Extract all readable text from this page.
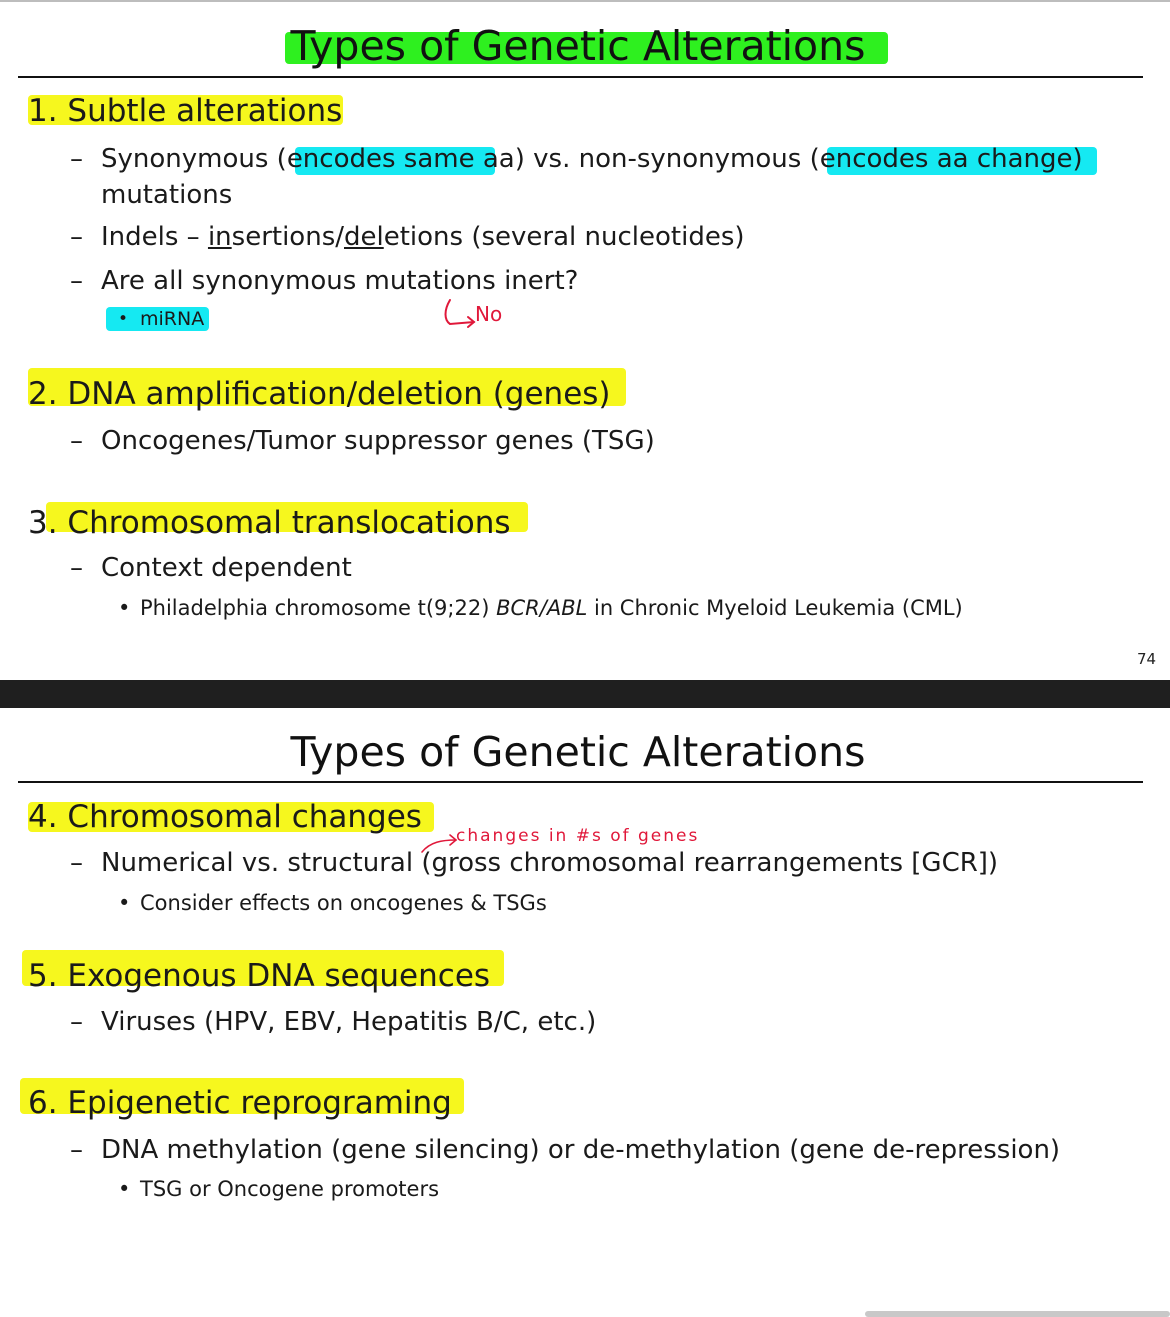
Types of Genetic Alterations
1. Subtle alterations
– Synonymous (encodes same aa) vs. non-synonymous (encodes aa change)
mutations
– Indels – insertions/deletions (several nucleotides)
– Are all synonymous mutations inert?
• miRNA	No
2. DNA amplification/deletion (genes)
– Oncogenes/Tumor suppressor genes (TSG)
3. Chromosomal translocations
– Context dependent
• Philadelphia chromosome t(9;22) BCR/ABL in Chronic Myeloid Leukemia (CML)
74
Types of Genetic Alterations
4. Chromosomal changes
changes in #s of genes
– Numerical vs. structural (gross chromosomal rearrangements [GCR])
• Consider effects on oncogenes & TSGs
5. Exogenous DNA sequences
– Viruses (HPV, EBV, Hepatitis B/C, etc.)
6. Epigenetic reprograming
– DNA methylation (gene silencing) or de-methylation (gene de-repression)
• TSG or Oncogene promoters
